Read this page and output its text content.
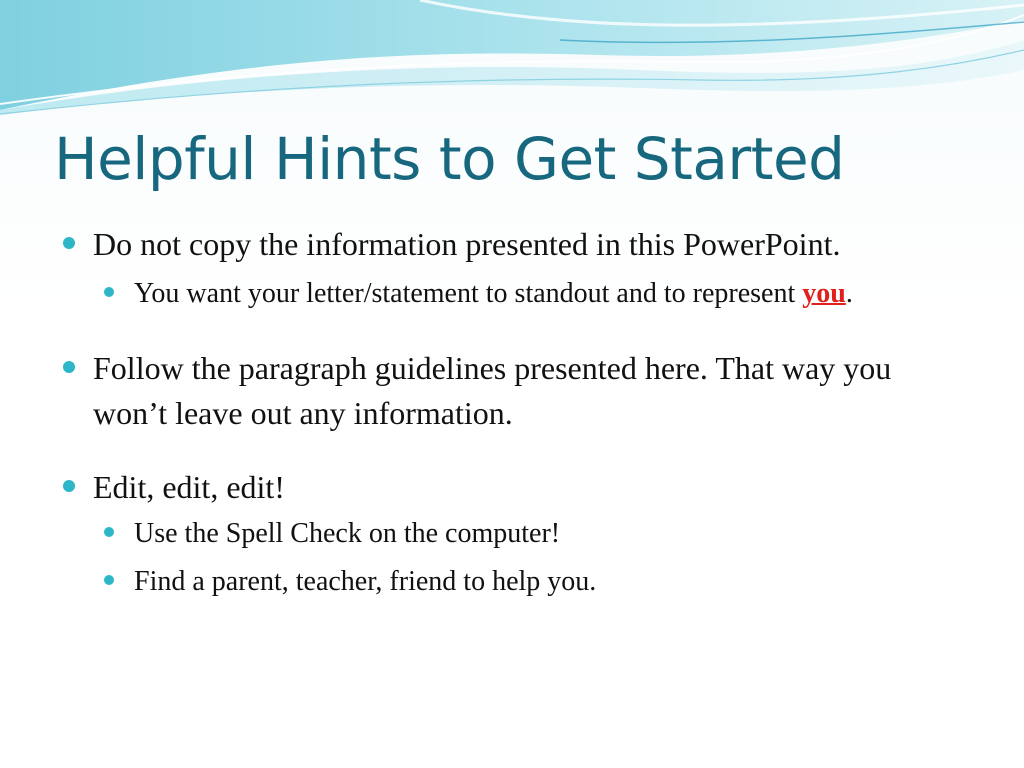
Helpful Hints to Get Started
Do not copy the information presented in this PowerPoint.
You want your letter/statement to standout and to represent you.
Follow the paragraph guidelines presented here. That way you won’t leave out any information.
Edit, edit, edit!
Use the Spell Check on the computer!
Find a parent, teacher, friend to help you.
